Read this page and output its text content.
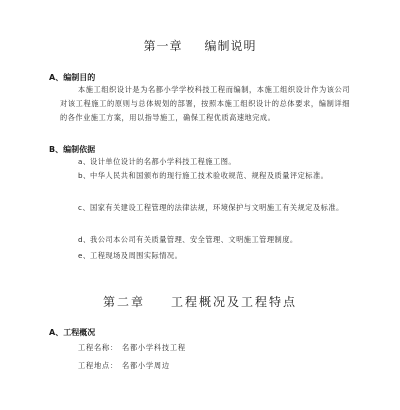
第一章 编制说明
A、编制目的
本施工组织设计是为名都小学学校科技工程而编制，本施工组织设计作为该公司对该工程施工的原则与总体规划的部署，按照本施工组织设计的总体要求，编制详细的各作业施工方案，用以指导施工，确保工程优质高速地完成。
B、编制依据
a、设计单位设计的名都小学科技工程施工图。
b、中华人民共和国颁布的现行施工技术验收规范、规程及质量评定标准。
c、国家有关建设工程管理的法律法规，环境保护与文明施工有关规定及标准。
d、我公司本公司有关质量管理、安全管理、文明施工管理制度。
e、工程现场及周围实际情况。
第二章 工程概况及工程特点
A、工程概况
工程名称： 名都小学科技工程
工程地点： 名都小学周边
